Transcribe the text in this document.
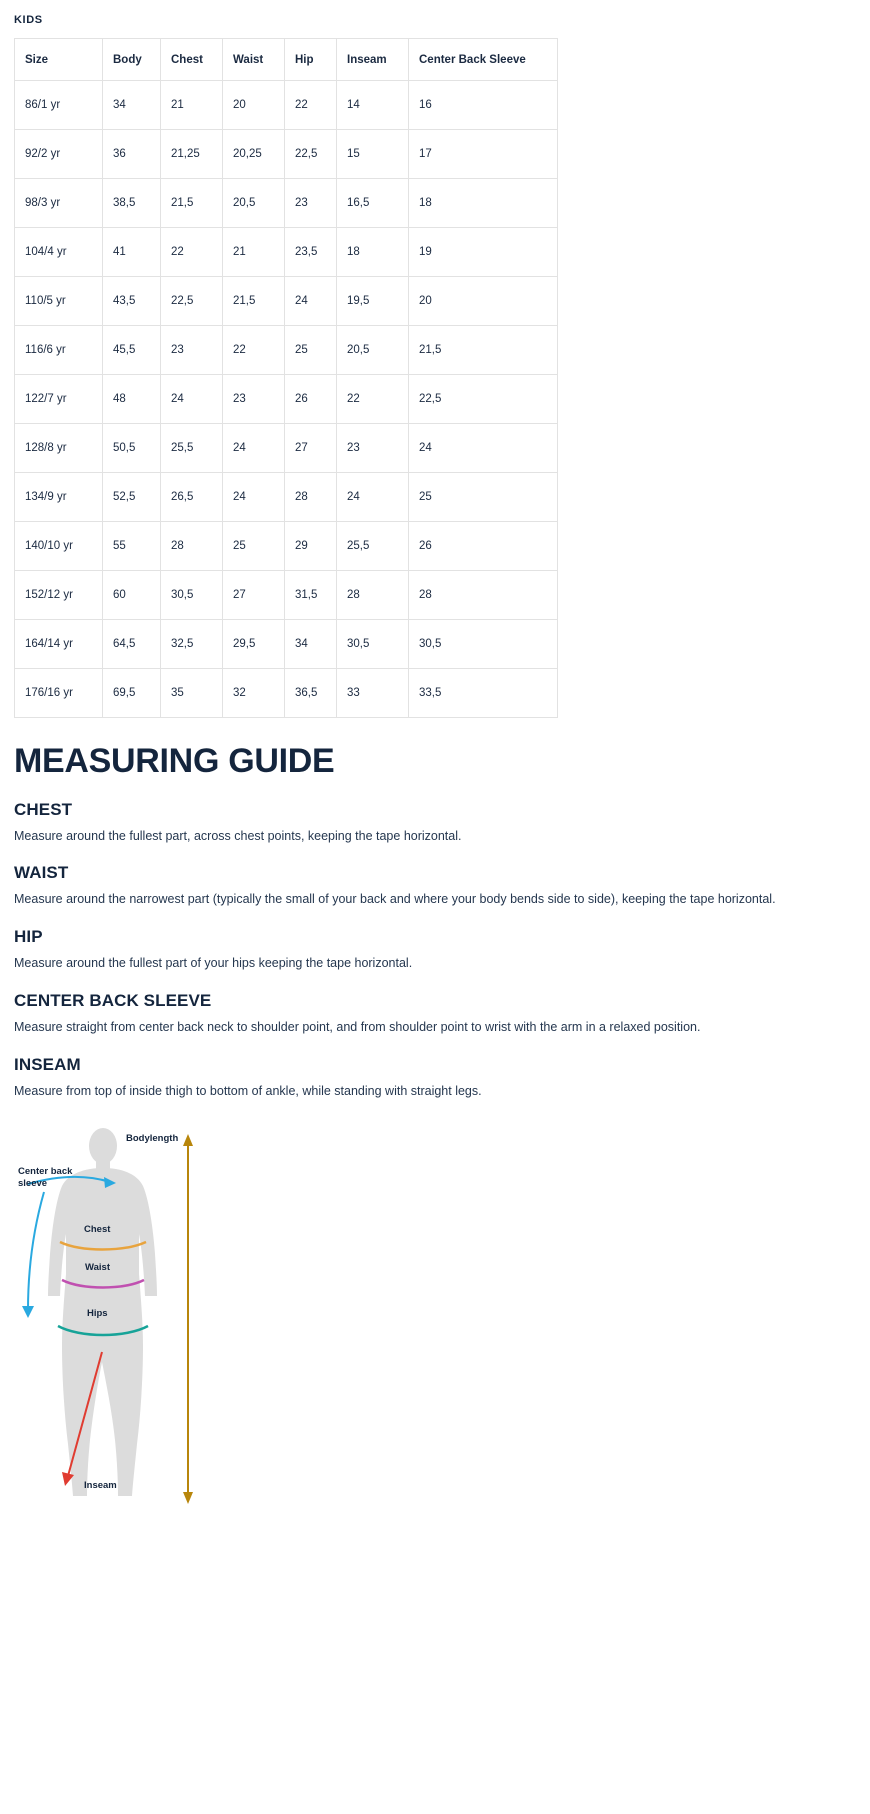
KIDS
Size	Body	Chest	Waist	Hip	Inseam	Center Back Sleeve
86/1 yr	34	21	20	22	14	16
92/2 yr	36	21,25	20,25	22,5	15	17
98/3 yr	38,5	21,5	20,5	23	16,5	18
104/4 yr	41	22	21	23,5	18	19
110/5 yr	43,5	22,5	21,5	24	19,5	20
116/6 yr	45,5	23	22	25	20,5	21,5
122/7 yr	48	24	23	26	22	22,5
128/8 yr	50,5	25,5	24	27	23	24
134/9 yr	52,5	26,5	24	28	24	25
140/10 yr	55	28	25	29	25,5	26
152/12 yr	60	30,5	27	31,5	28	28
164/14 yr	64,5	32,5	29,5	34	30,5	30,5
176/16 yr	69,5	35	32	36,5	33	33,5
MEASURING GUIDE
CHEST

Measure around the fullest part, across chest points, keeping the tape horizontal.

WAIST

Measure around the narrowest part (typically the small of your back and where your body bends side to side), keeping the tape horizontal.

HIP

Measure around the fullest part of your hips keeping the tape horizontal.

CENTER BACK SLEEVE

Measure straight from center back neck to shoulder point, and from shoulder point to wrist with the arm in a relaxed position.

INSEAM

Measure from top of inside thigh to bottom of ankle, while standing with straight legs.

Bodylength
Center back
sleeve
Chest
Waist
Hips
Inseam
